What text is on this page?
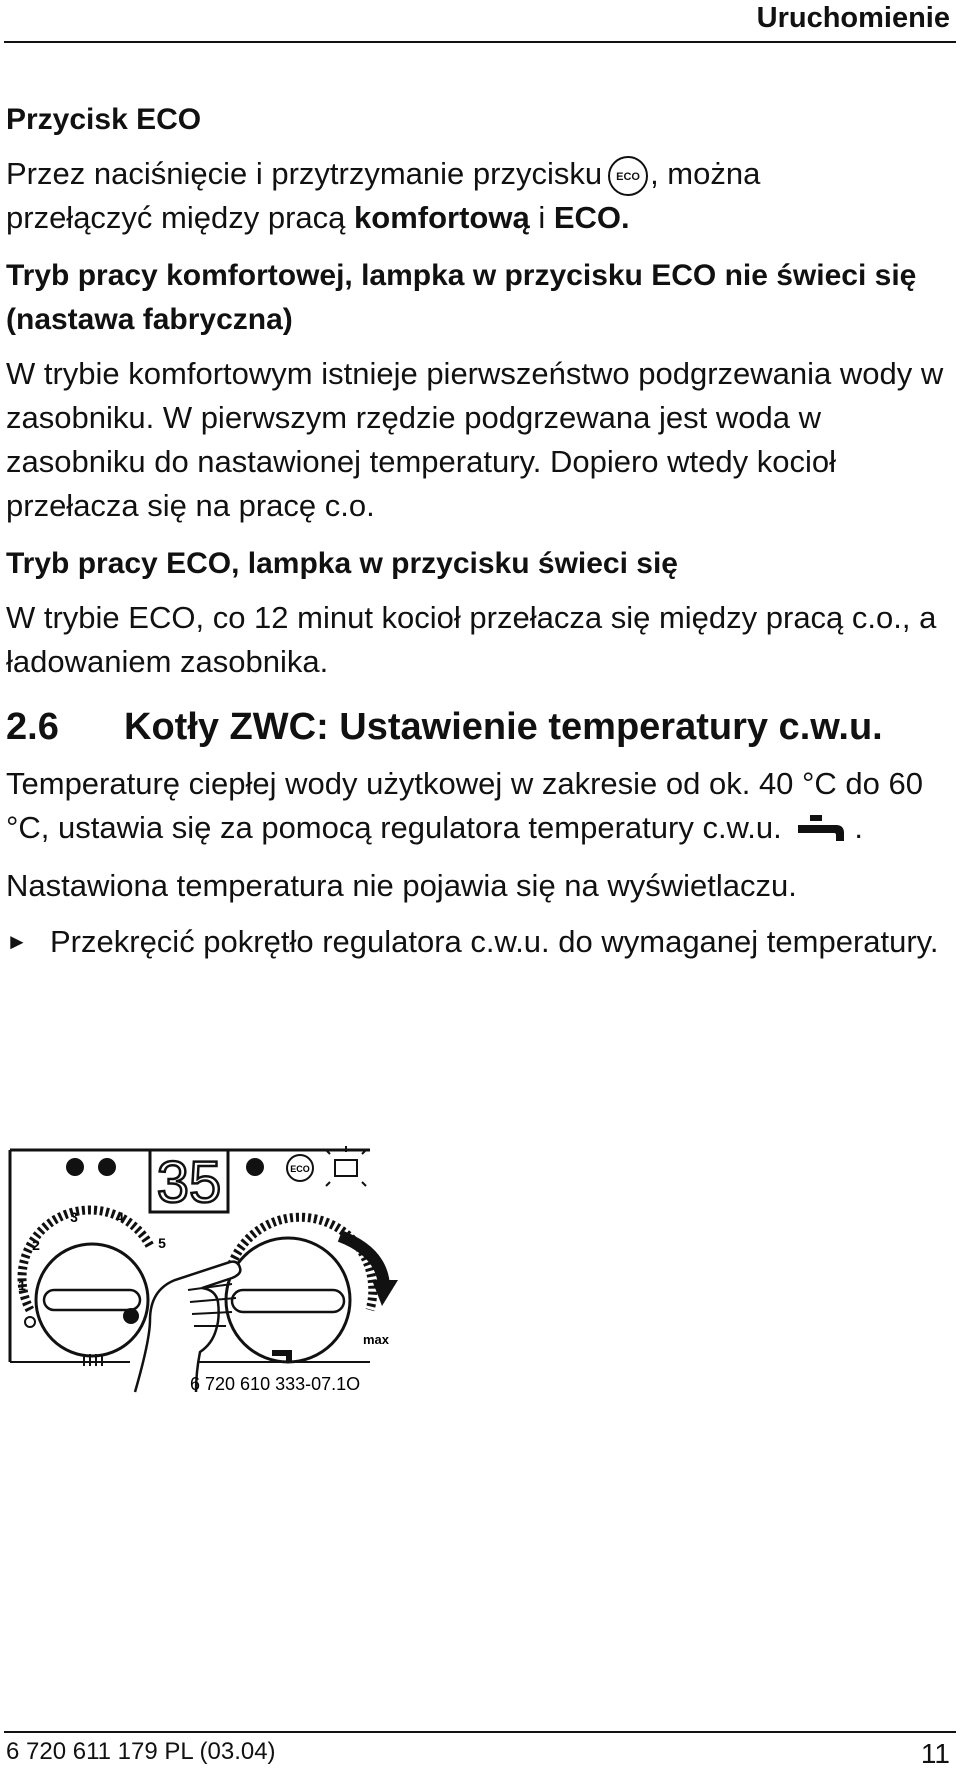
Uruchomienie

Przycisk ECO

Przez naciśnięcie i przytrzymanie przycisku ECO , można
przełączyć między pracą komfortową i ECO.

Tryb pracy komfortowej, lampka w przycisku ECO nie świeci się (nastawa fabryczna)

W trybie komfortowym istnieje pierwszeństwo podgrzewania wody w zasobniku. W pierwszym rzędzie podgrzewana jest woda w zasobniku do nastawionej temperatury. Dopiero wtedy kocioł przełacza się na pracę c.o.

Tryb pracy ECO, lampka w przycisku świeci się

W trybie ECO, co 12 minut kocioł przełacza się między pracą c.o., a ładowaniem zasobnika.

2.6	Kotły ZWC: Ustawienie temperatury c.w.u.

Temperaturę ciepłej wody użytkowej w zakresie od ok. 40 °C do 60 °C, ustawia się za pomocą regulatora temperatury c.w.u. .

Nastawiona temperatura nie pojawia się na wyświetlaczu.

► Przekręcić pokrętło regulatora c.w.u. do wymaganej temperatury.
35	ECO
3	4
2	5
1
max
6 720 610 333-07.1O
6 720 611 179 PL (03.04)	11
